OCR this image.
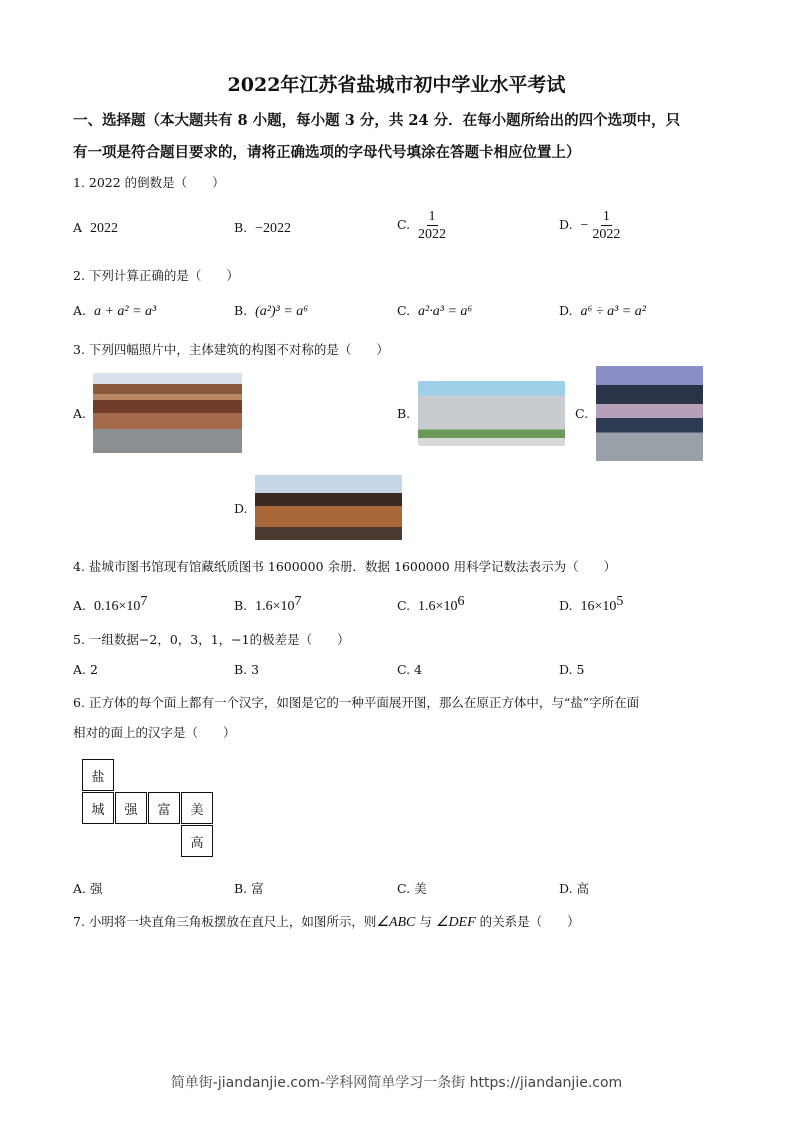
2022年江苏省盐城市初中学业水平考试
一、选择题（本大题共有 8 小题，每小题 3 分，共 24 分．在每小题所给出的四个选项中，只
有一项是符合题目要求的，请将正确选项的字母代号填涂在答题卡相应位置上）
1. 2022 的倒数是（　　）
A 2022	B. −2022	C. $\frac{1}{2022}$	D. − $\frac{1}{2022}$
2. 下列计算正确的是（　　）
A. a + a² = a³	B. (a²)³ = a⁶	C. a²·a³ = a⁶	D. a⁶ ÷ a³ = a²
3. 下列四幅照片中，主体建筑的构图不对称的是（　　）
A.	B.	C.
D.
4. 盐城市图书馆现有馆藏纸质图书 1600000 余册．数据 1600000 用科学记数法表示为（　　）
A. $0.16\times 10^7$	B. $1.6\times 10^7$	C. $1.6\times 10^6$	D. $16\times 10^5$
5. 一组数据−2，0，3，1，−1的极差是（　　）
A. 2	B. 3	C. 4	D. 5
6. 正方体的每个面上都有一个汉字，如图是它的一种平面展开图，那么在原正方体中，与“盐”字所在面
相对的面上的汉字是（　　）
盐
城	强	富	美
高
A. 强	B. 富	C. 美	D. 高
7. 小明将一块直角三角板摆放在直尺上，如图所示，则∠ABC 与 ∠DEF 的关系是（　　）
简单街-jiandanjie.com-学科网简单学习一条街 https://jiandanjie.com
